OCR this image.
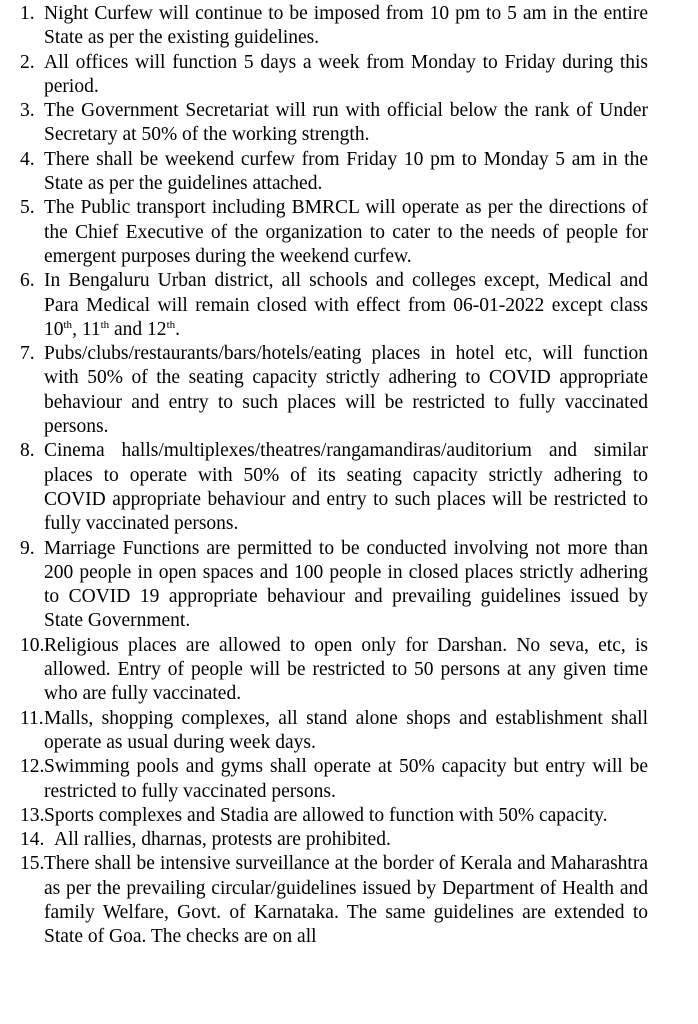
1. Night Curfew will continue to be imposed from 10 pm to 5 am in the entire State as per the existing guidelines.
2. All offices will function 5 days a week from Monday to Friday during this period.
3. The Government Secretariat will run with official below the rank of Under Secretary at 50% of the working strength.
4. There shall be weekend curfew from Friday 10 pm to Monday 5 am in the State as per the guidelines attached.
5. The Public transport including BMRCL will operate as per the directions of the Chief Executive of the organization to cater to the needs of people for emergent purposes during the weekend curfew.
6. In Bengaluru Urban district, all schools and colleges except, Medical and Para Medical will remain closed with effect from 06-01-2022 except class 10th, 11th and 12th.
7. Pubs/clubs/restaurants/bars/hotels/eating places in hotel etc, will function with 50% of the seating capacity strictly adhering to COVID appropriate behaviour and entry to such places will be restricted to fully vaccinated persons.
8. Cinema halls/multiplexes/theatres/rangamandiras/auditorium and similar places to operate with 50% of its seating capacity strictly adhering to COVID appropriate behaviour and entry to such places will be restricted to fully vaccinated persons.
9. Marriage Functions are permitted to be conducted involving not more than 200 people in open spaces and 100 people in closed places strictly adhering to COVID 19 appropriate behaviour and prevailing guidelines issued by State Government.
10. Religious places are allowed to open only for Darshan. No seva, etc, is allowed. Entry of people will be restricted to 50 persons at any given time who are fully vaccinated.
11. Malls, shopping complexes, all stand alone shops and establishment shall operate as usual during week days.
12. Swimming pools and gyms shall operate at 50% capacity but entry will be restricted to fully vaccinated persons.
13. Sports complexes and Stadia are allowed to function with 50% capacity.
14. All rallies, dharnas, protests are prohibited.
15. There shall be intensive surveillance at the border of Kerala and Maharashtra as per the prevailing circular/guidelines issued by Department of Health and family Welfare, Govt. of Karnataka. The same guidelines are extended to State of Goa. The checks are on all
